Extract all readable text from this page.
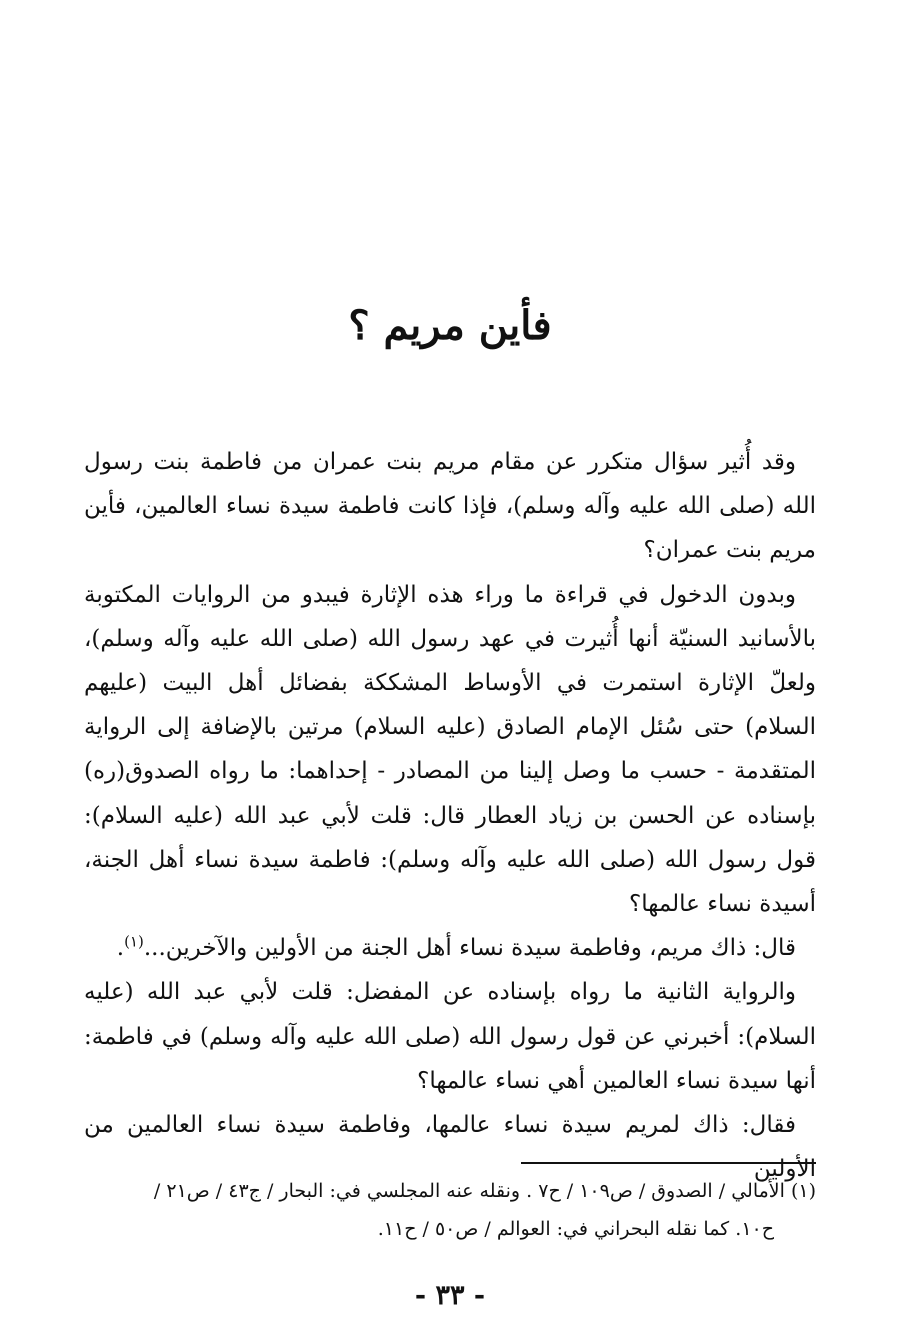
فأين مريم ؟

وقد أُثير سؤال متكرر عن مقام مريم بنت عمران من فاطمة بنت رسول الله (صلى الله عليه وآله وسلم)، فإذا كانت فاطمة سيدة نساء العالمين، فأين مريم بنت عمران؟

وبدون الدخول في قراءة ما وراء هذه الإثارة فيبدو من الروايات المكتوبة بالأسانيد السنيّة أنها أُثيرت في عهد رسول الله (صلى الله عليه وآله وسلم)، ولعلّ الإثارة استمرت في الأوساط المشككة بفضائل أهل البيت (عليهم السلام) حتى سُئل الإمام الصادق (عليه السلام) مرتين بالإضافة إلى الرواية المتقدمة - حسب ما وصل إلينا من المصادر - إحداهما: ما رواه الصدوق(ره) بإسناده عن الحسن بن زياد العطار قال: قلت لأبي عبد الله (عليه السلام): قول رسول الله (صلى الله عليه وآله وسلم): فاطمة سيدة نساء أهل الجنة، أسيدة نساء عالمها؟

قال: ذاك مريم، وفاطمة سيدة نساء أهل الجنة من الأولين والآخرين...$^{(١)}$.

والرواية الثانية ما رواه بإسناده عن المفضل: قلت لأبي عبد الله (عليه السلام): أخبرني عن قول رسول الله (صلى الله عليه وآله وسلم) في فاطمة: أنها سيدة نساء العالمين أهي نساء عالمها؟

فقال: ذاك لمريم سيدة نساء عالمها، وفاطمة سيدة نساء العالمين من الأولين

(١) الأمالي / الصدوق / ص١٠٩ / ح٧ . ونقله عنه المجلسي في: البحار / ج٤٣ / ص٢١ /

ح١٠. كما نقله البحراني في: العوالم / ص٥٠ / ح١١.

- ٣٣ -
